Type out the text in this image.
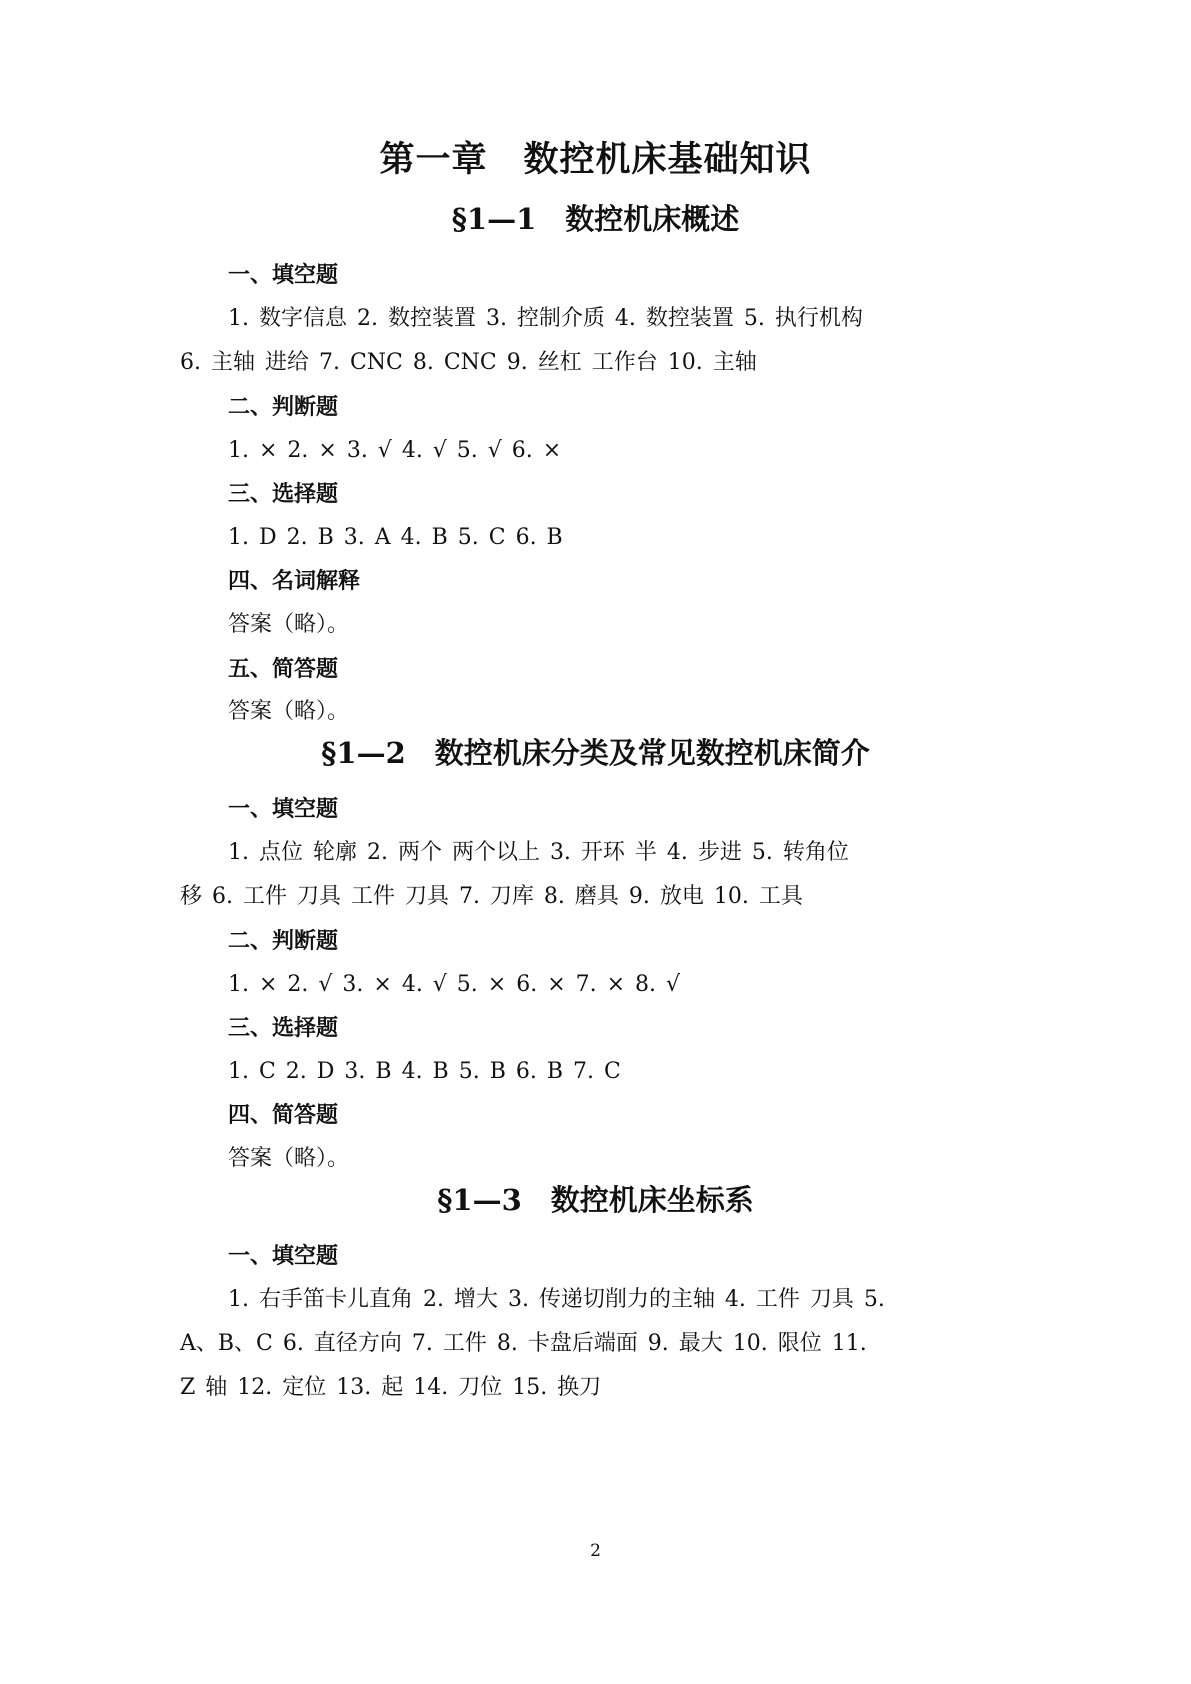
第一章　数控机床基础知识
§1—1　数控机床概述
一、填空题
1. 数字信息 2. 数控装置 3. 控制介质 4. 数控装置 5. 执行机构
6. 主轴 进给 7. CNC 8. CNC 9. 丝杠 工作台 10. 主轴
二、判断题
1. × 2. × 3. √ 4. √ 5. √ 6. ×
三、选择题
1. D 2. B 3. A 4. B 5. C 6. B
四、名词解释
答案（略）。
五、简答题
答案（略）。
§1—2　数控机床分类及常见数控机床简介
一、填空题
1. 点位 轮廓 2. 两个 两个以上 3. 开环 半 4. 步进 5. 转角位
移 6. 工件 刀具 工件 刀具 7. 刀库 8. 磨具 9. 放电 10. 工具
二、判断题
1. × 2. √ 3. × 4. √ 5. × 6. × 7. × 8. √
三、选择题
1. C 2. D 3. B 4. B 5. B 6. B 7. C
四、简答题
答案（略）。
§1—3　数控机床坐标系
一、填空题
1. 右手笛卡儿直角 2. 增大 3. 传递切削力的主轴 4. 工件 刀具 5.
A、B、C 6. 直径方向 7. 工件 8. 卡盘后端面 9. 最大 10. 限位 11.
Z 轴 12. 定位 13. 起 14. 刀位 15. 换刀
2
